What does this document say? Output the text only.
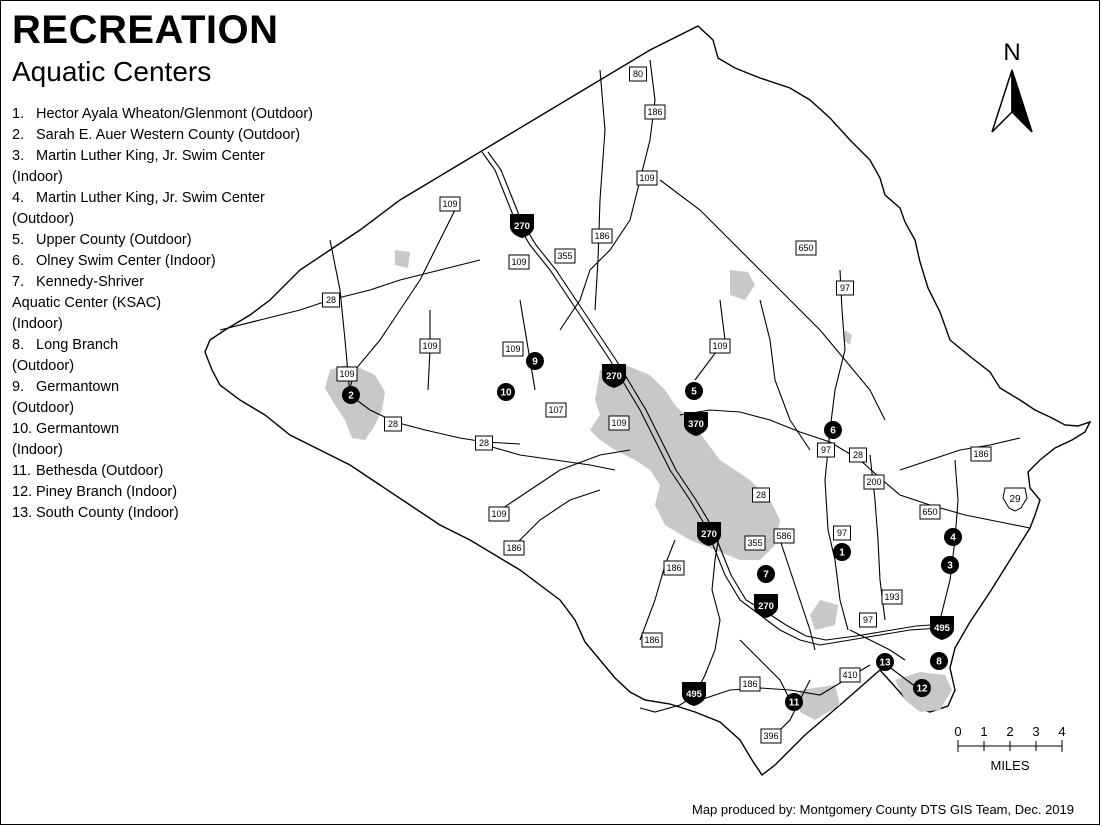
80
186
109
109
186
109
355
650
97
28
109	109	109
109
107
28	109
28
97 28
200
186
650
28
97
355
586
109
186
186
186
193
97
410
186
396
270
270
270
270
370
495
495
29
1
2
3
4
5
6
7
8
9
10
11
12
13
N
0 1 2 3 4
MILES
RECREATION
Aquatic Centers
1. Hector Ayala Wheaton/Glenmont (Outdoor)
2. Sarah E. Auer Western County (Outdoor)
3. Martin Luther King, Jr. Swim Center
(Indoor)
4. Martin Luther King, Jr. Swim Center
(Outdoor)
5. Upper County (Outdoor)
6. Olney Swim Center (Indoor)
7. Kennedy-Shriver
Aquatic Center (KSAC)
(Indoor)
8. Long Branch
(Outdoor)
9. Germantown
(Outdoor)
10. Germantown
(Indoor)
11. Bethesda (Outdoor)
12. Piney Branch (Indoor)
13. South County (Indoor)
Map produced by: Montgomery County DTS GIS Team, Dec. 2019
